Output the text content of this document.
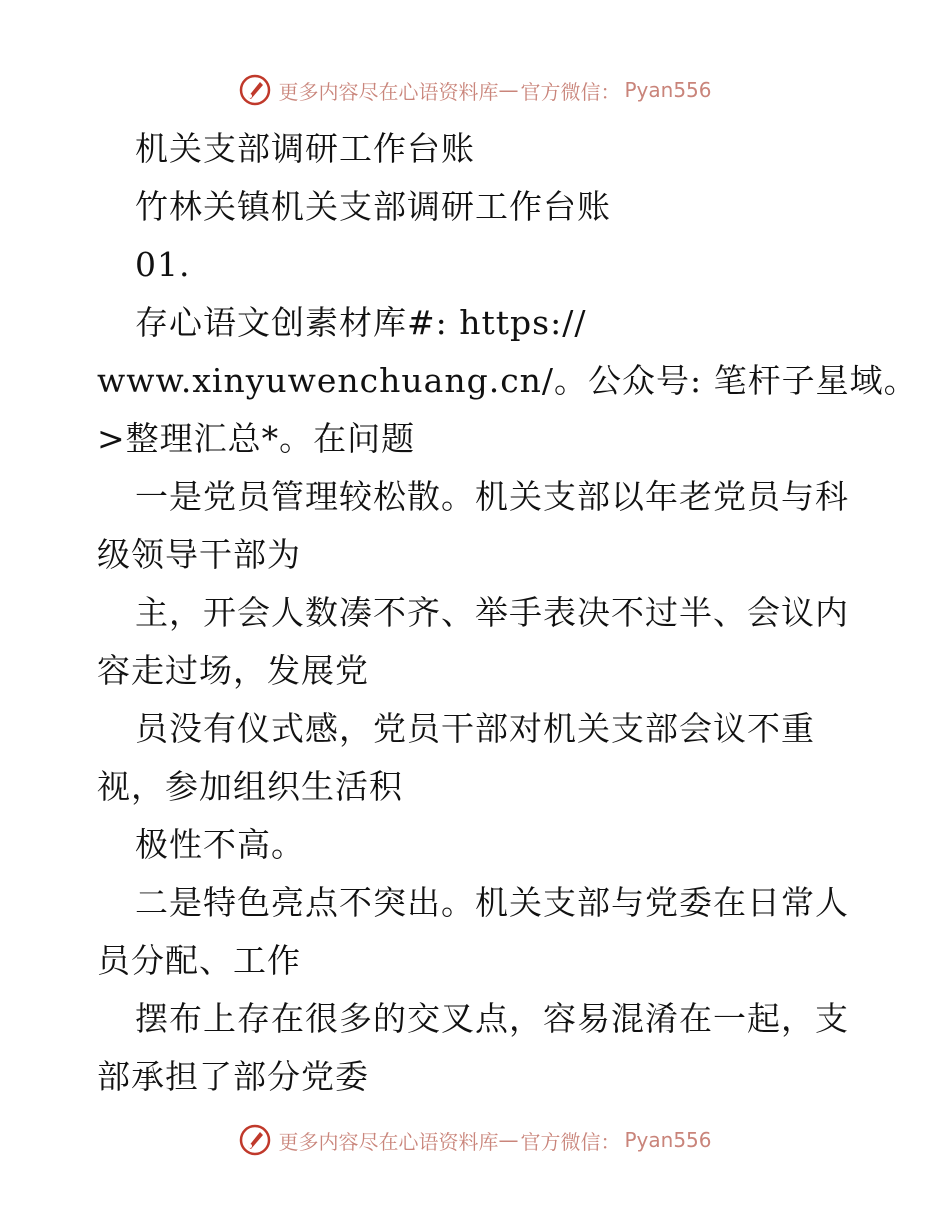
更多内容尽在心语资料库 — 官方微信： Pyan556
机关支部调研工作台账
竹林关镇机关支部调研工作台账
01.
存心语文创素材库#: https://
www.xinyuwenchuang.cn/。公众号: 笔杆子星域。
>整理汇总*。在问题
一是党员管理较松散。机关支部以年老党员与科
级领导干部为
主，开会人数凑不齐、举手表决不过半、会议内
容走过场，发展党
员没有仪式感，党员干部对机关支部会议不重
视，参加组织生活积
极性不高。
二是特色亮点不突出。机关支部与党委在日常人
员分配、工作
摆布上存在很多的交叉点，容易混淆在一起，支
部承担了部分党委
更多内容尽在心语资料库 — 官方微信： Pyan556
